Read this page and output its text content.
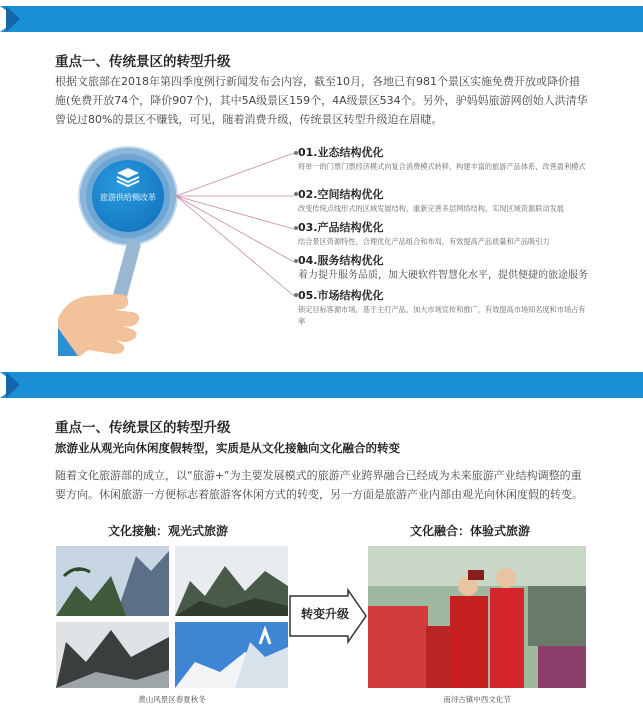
重点一、传统景区的转型升级
根据文旅部在2018年第四季度例行新闻发布会内容，截至10月，各地已有981个景区实施免费开放或降价措施(免费开放74个，降价907个)，其中5A级景区159个，4A级景区534个。另外，驴妈妈旅游网创始人洪清华曾说过80%的景区不赚钱，可见，随着消费升级，传统景区转型升级迫在眉睫。
旅游供给侧改革
01.业态结构优化
将单一的门票门票经济模式向复合消费模式转移，构建丰富的旅游产品体系，改善盈利模式
02.空间结构优化
改变传统点线形式的区域发展结构，重新完善多层网络结构，实现区域资源联动发展
03.产品结构优化
结合景区资源特性，合理优化产品组合和布局，有效提高产品质量和产品吸引力
04.服务结构优化
着力提升服务品质，加大硬软件智慧化水平，提供便捷的旅途服务
05.市场结构优化
锁定目标客源市场，基于主打产品，加大市场宣传和推广，有效提高市场知名度和市场占有率
重点一、传统景区的转型升级
旅游业从观光向休闲度假转型，实质是从文化接触向文化融合的转变
随着文化旅游部的成立，以“旅游+”为主要发展模式的旅游产业跨界融合已经成为未来旅游产业结构调整的重要方向。休闲旅游一方便标志着旅游客休闲方式的转变，另一方面是旅游产业内部由观光向休闲度假的转变。
文化接触：观光式旅游	文化融合：体验式旅游
黄山风景区春夏秋冬
转变升级
南浔古镇中西文化节
